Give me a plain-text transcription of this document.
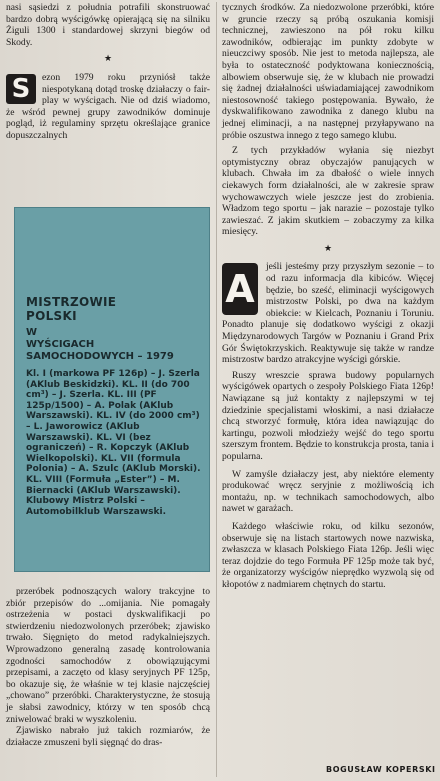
nasi sąsiedzi z południa potrafili skonstruować bardzo dobrą wyścigówkę opierającą się na silniku Żiguli 1300 i standardowej skrzyni biegów od Skody.

★

S	ezon 1979 roku przyniósł także niespotykaną dotąd troskę działaczy o fair-play w wyścigach. Nie od dziś wiadomo, że wśród pewnej grupy zawodników dominuje pogląd, iż regulaminy sprzętu określające granice dopuszczalnych

MISTRZOWIE
POLSKI
W
WYŚCIGACH
SAMOCHODOWYCH – 1979
Kl. I (markowa PF 126p) – J. Szerla (AKlub Beskidzki). KL. II (do 700 cm³) – J. Szerla. KL. III (PF 125p/1500) – A. Polak (AKlub Warszawski). KL. IV (do 2000 cm³) – L. Jaworowicz (AKlub Warszawski). KL. VI (bez ograniczeń) – R. Kopczyk (AKlub Wielkopolski). KL. VII (formula Polonia) – A. Szulc (AKlub Morski). KL. VIII (Formuła „Ester”) – M. Biernacki (AKlub Warszawski). Klubowy Mistrz Polski – Automobilklub Warszawski.

przeróbek podnoszących walory trakcyjne to zbiór przepisów do ...omijania. Nie pomagały ostrzeżenia w postaci dyskwalifikacji po stwierdzeniu niedozwolonych przeróbek; zjawisko trwało. Sięgnięto do metod radykalniejszych. Wprowadzono generalną zasadę kontrolowania zgodności samochodów z obowiązującymi przepisami, a zaczęto od klasy seryjnych PF 125p, bo okazuje się, że właśnie w tej klasie najczęściej „chowano” przeróbki. Charakterystyczne, że stosują je słabsi zawodnicy, którzy w ten sposób chcą zniwelować braki w wyszkoleniu.

Zjawisko nabrało już takich rozmiarów, że działacze zmuszeni byli sięgnąć do dras-

tycznych środków. Za niedozwolone przeróbki, które w gruncie rzeczy są próbą oszukania komisji technicznej, zawieszono na pół roku kilku zawodników, odbierając im punkty zdobyte w nieuczciwy sposób. Nie jest to metoda najlepsza, ale była to ostateczność podyktowana koniecznością, albowiem obserwuje się, że w klubach nie prowadzi się żadnej działalności uświadamiającej zawodnikom niestosowność takiego postępowania. Bywało, że dyskwalifikowano zawodnika z danego klubu na jednej eliminacji, a na następnej przyłapywano na próbie oszustwa innego z tego samego klubu.

Z tych przykładów wyłania się niezbyt optymistyczny obraz obyczajów panujących w klubach. Chwała im za dbałość o wiele innych ciekawych form działalności, ale w zakresie spraw wychowawczych wiele jeszcze jest do zrobienia. Władzom tego sportu – jak narazie – pozostaje tylko zawieszać. Z jakim skutkiem – zobaczymy za kilka miesięcy.

★

A
jeśli jesteśmy przy przyszłym sezonie – to od razu informacja dla kibiców. Więcej będzie, bo sześć, eliminacji wyścigowych mistrzostw Polski, po dwa na każdym obiekcie: w Kielcach, Poznaniu i Toruniu. Ponadto planuje się dodatkowo wyścigi z okazji Międzynarodowych Targów w Poznaniu i Grand Prix Gór Świętokrzyskich. Reaktywuje się także w randze mistrzostw bardzo atrakcyjne wyścigi górskie.

Ruszy wreszcie sprawa budowy popularnych wyścigówek opartych o zespoły Polskiego Fiata 126p! Nawiązane są już kontakty z najlepszymi w tej dziedzinie specjalistami włoskimi, a nasi działacze chcą stworzyć formułę, która idea nawiązując do kartingu, pozwoli młodzieży wejść do tego sportu szerszym frontem. Będzie to konstrukcja prosta, tania i popularna.

W zamyśle działaczy jest, aby niektóre elementy produkować wręcz seryjnie z możliwością ich montażu, np. w technikach samochodowych, albo nawet w garażach.

Każdego właściwie roku, od kilku sezonów, obserwuje się na listach startowych nowe nazwiska, zwłaszcza w klasach Polskiego Fiata 126p. Jeśli więc teraz dojdzie do tego Formuła PF 125p może tak być, że organizatorzy wyścigów nieprędko wyzwolą się od kłopotów z nadmiarem chętnych do startu.

BOGUSŁAW KOPERSKI
